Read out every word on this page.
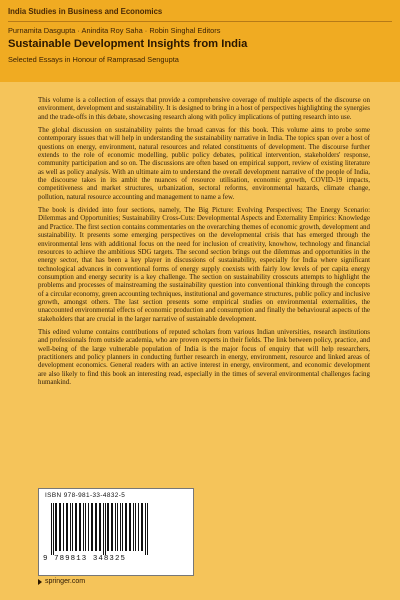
India Studies in Business and Economics
Purnamita Dasgupta · Anindita Roy Saha · Robin Singhal Editors
Sustainable Development Insights from India
Selected Essays in Honour of Ramprasad Sengupta

This volume is a collection of essays that provide a comprehensive coverage of multiple aspects of the discourse on environment, development and sustainability. It is designed to bring in a host of perspectives highlighting the synergies and the trade-offs in this debate, showcasing research along with policy implications of putting research into use.

The global discussion on sustainability paints the broad canvas for this book. This volume aims to probe some contemporary issues that will help in understanding the sustainability narrative in India. The topics span over a host of questions on energy, environment, natural resources and related constituents of development. The discourse further extends to the role of economic modelling, public policy debates, political intervention, stakeholders' response, community participation and so on. The discussions are often based on empirical support, review of existing literature as well as policy analysis. With an ultimate aim to understand the overall development narrative of the people of India, the discourse takes in its ambit the nuances of resource utilisation, economic growth, COVID-19 impacts, competitiveness and market structures, urbanization, sectoral reforms, environmental hazards, climate change, pollution, natural resource accounting and management to name a few.

The book is divided into four sections, namely, The Big Picture: Evolving Perspectives; The Energy Scenario: Dilemmas and Opportunities; Sustainability Cross-Cuts: Developmental Aspects and Externality Empirics: Knowledge and Practice. The first section contains commentaries on the overarching themes of economic growth, development and sustainability. It presents some emerging perspectives on the developmental crisis that has emerged through the environmental lens with additional focus on the need for inclusion of creativity, knowhow, technology and financial resources to achieve the ambitious SDG targets. The second section brings out the dilemmas and opportunities in the energy sector, that has been a key player in discussions of sustainability, especially for India where significant technological advances in conventional forms of energy supply coexists with fairly low levels of per capita energy consumption and energy security is a key challenge. The section on sustainability crosscuts attempts to highlight the problems and processes of mainstreaming the sustainability question into conventional thinking through the concepts of a circular economy, green accounting techniques, institutional and governance structures, public policy and inclusive growth, amongst others. The last section presents some empirical studies on environmental externalities, the unaccounted environmental effects of economic production and consumption and finally the behavioural aspects of the stakeholders that are crucial in the larger narrative of sustainable development.

This edited volume contains contributions of reputed scholars from various Indian universities, research institutions and professionals from outside academia, who are proven experts in their fields. The link between policy, practice, and well-being of the large vulnerable population of India is the major focus of enquiry that will help researchers, practitioners and policy planners in conducting further research in energy, environment, resource and linked areas of development economics. General readers with an active interest in energy, environment, and economic development are also likely to find this book an interesting read, especially in the times of several environmental challenges facing humankind.

ISBN 978-981-33-4832-5
9 789813 348325
springer.com
